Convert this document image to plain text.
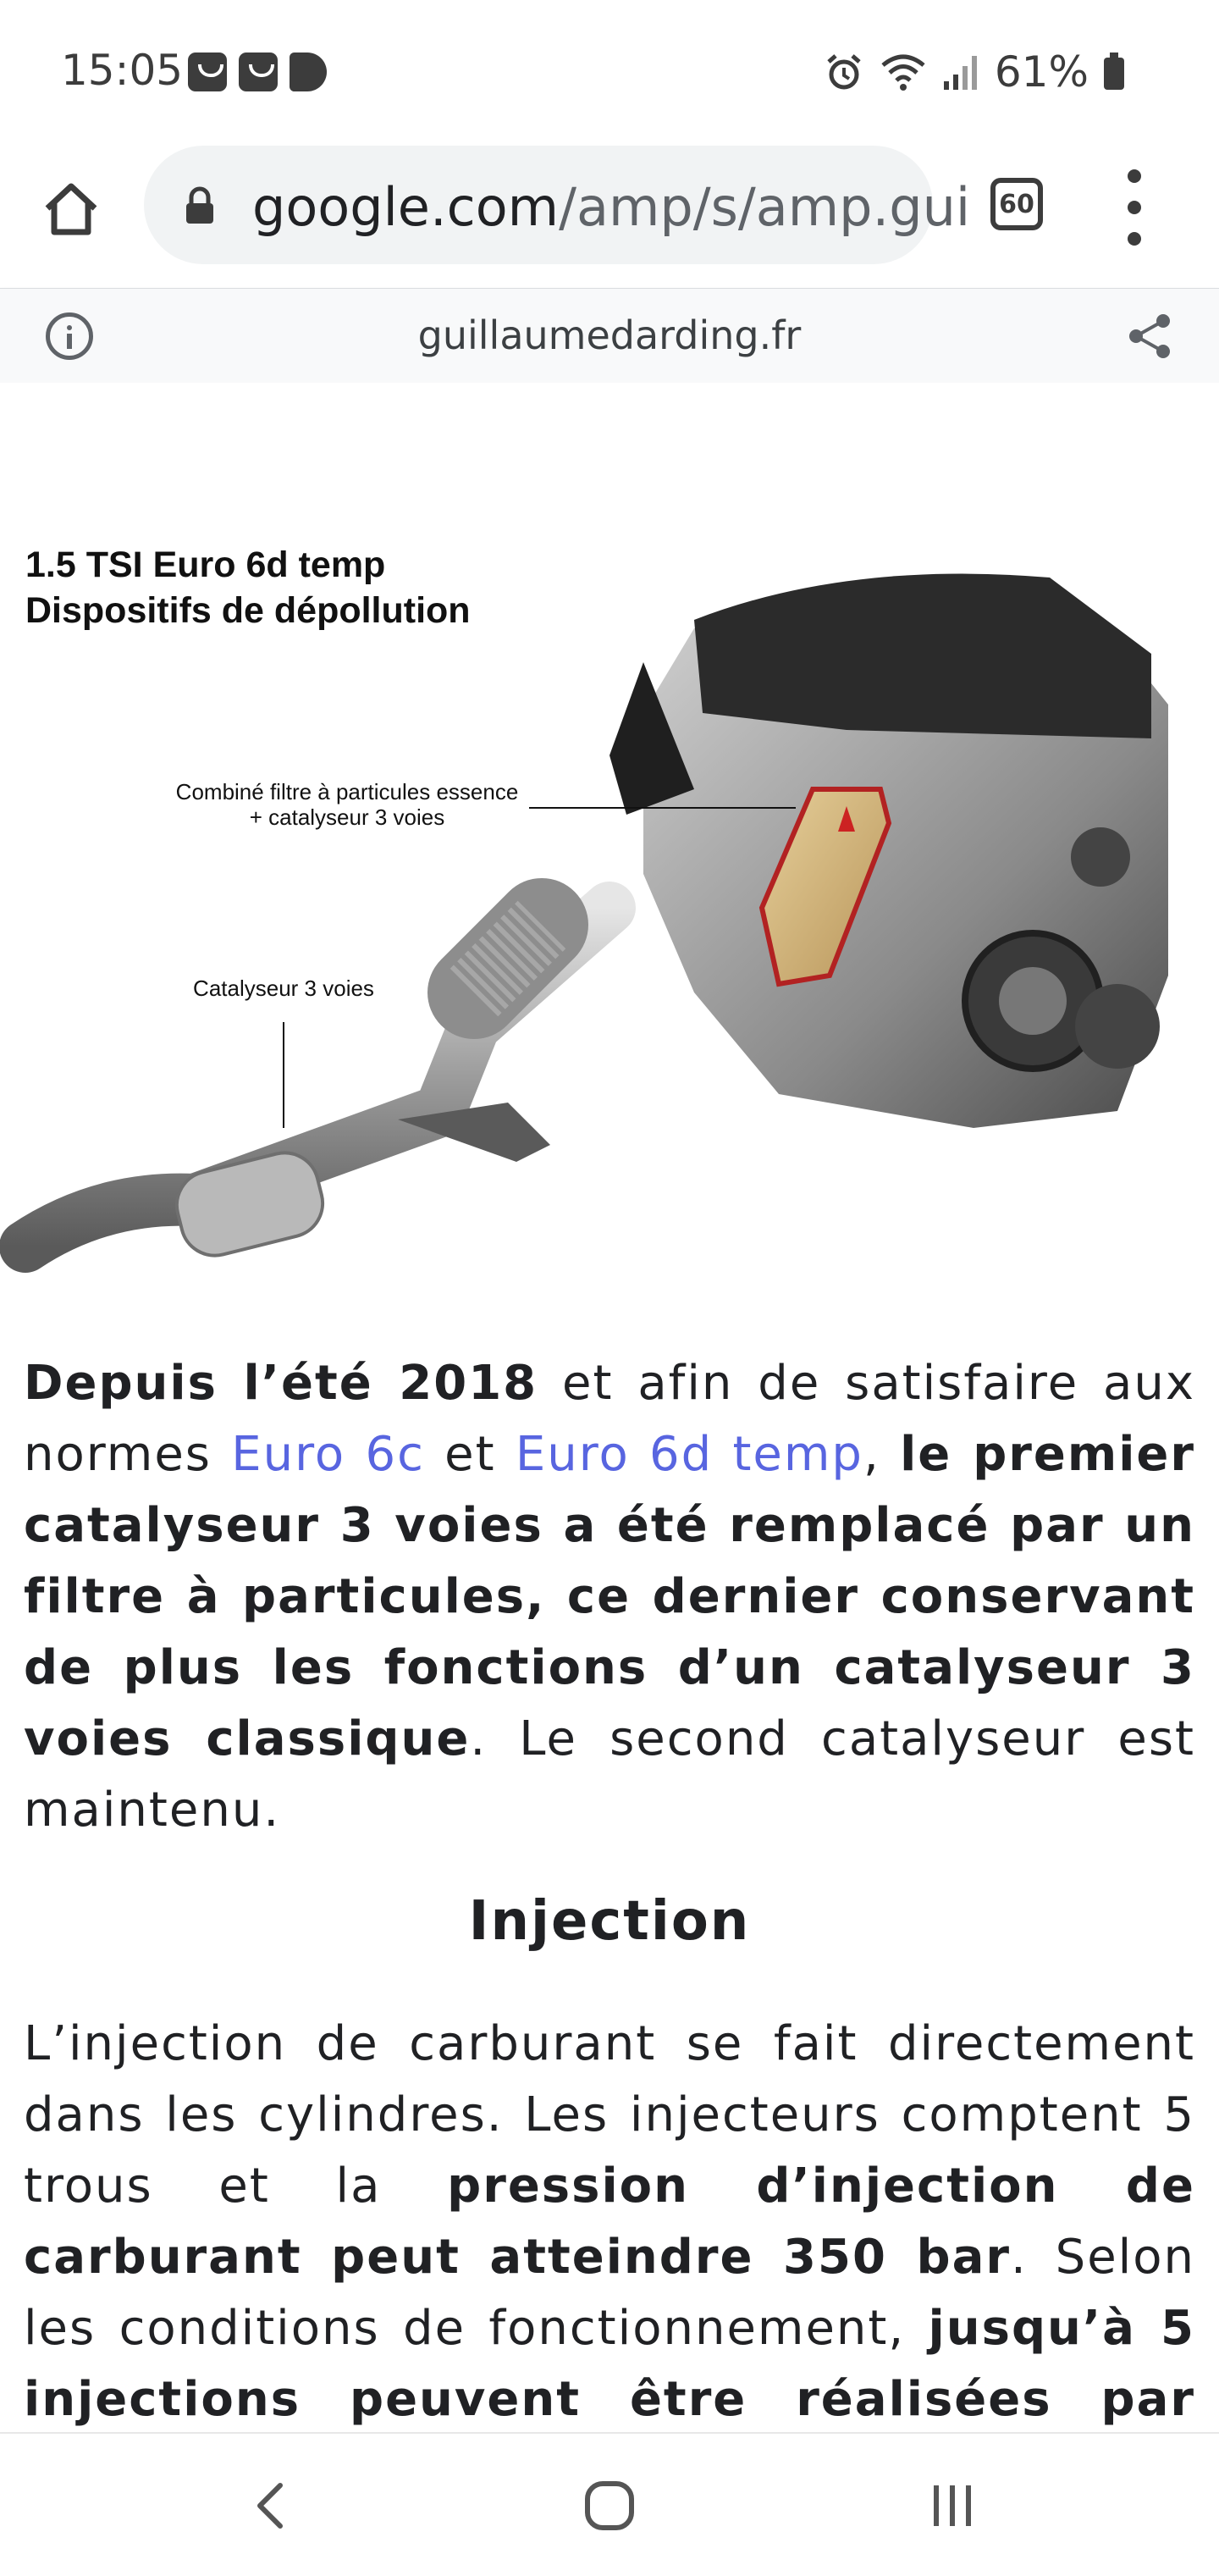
15:05	61%
google.com/amp/s/amp.gui 60
guillaumedarding.fr
1.5 TSI Euro 6d temp
Dispositifs de dépollution
Combiné filtre à particules essence
+ catalyseur 3 voies
Catalyseur 3 voies
Depuis l’été 2018 et afin de satisfaire aux normes Euro 6c et Euro 6d temp, le premier catalyseur 3 voies a été remplacé par un filtre à particules, ce dernier conservant de plus les fonctions d’un catalyseur 3 voies classique. Le second catalyseur est maintenu.
Injection
L’injection de carburant se fait directement dans les cylindres. Les injecteurs comptent 5 trous et la pression d’injection de carburant peut atteindre 350 bar. Selon les conditions de fonctionnement, jusqu’à 5 injections peuvent être réalisées par
